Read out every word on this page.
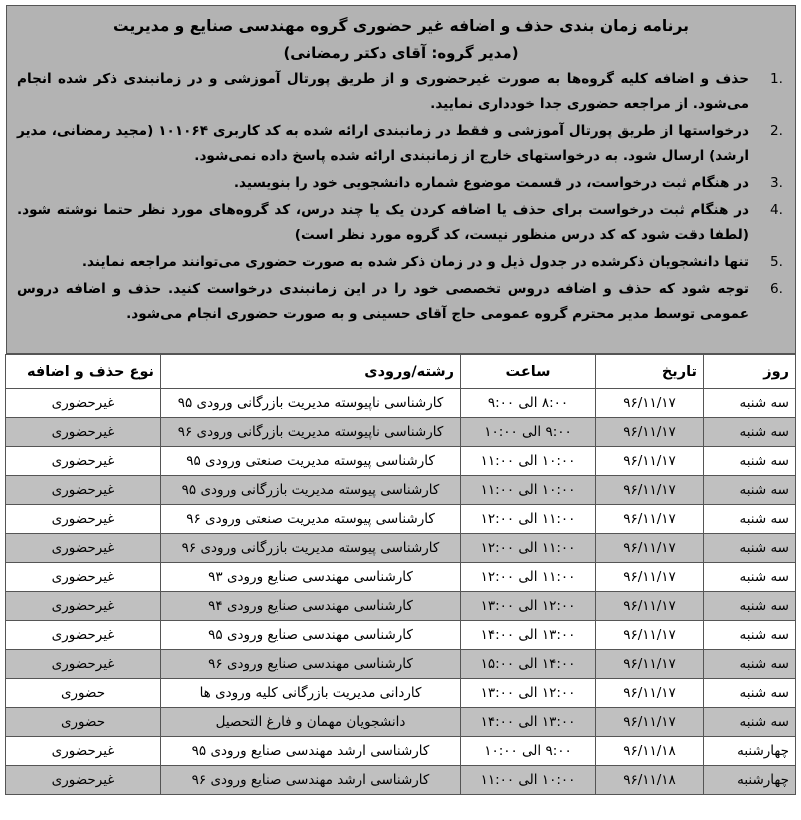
برنامه زمان بندی حذف و اضافه غیر حضوری گروه مهندسی صنایع و مدیریت
(مدیر گروه: آقای دکتر رمضانی)
.1
حذف و اضافه کلیه گروه‌ها به صورت غیرحضوری و از طریق پورتال آموزشی و در زمانبندی ذکر شده انجام می‌شود. از مراجعه حضوری جدا خودداری نمایید.
.2
درخواستها از طریق پورتال آموزشی و فقط در زمانبندی ارائه شده به کد کاربری ۱۰۱۰۶۴ (مجید رمضانی، مدیر ارشد) ارسال شود. به درخواستهای خارج از زمانبندی ارائه شده پاسخ داده نمی‌شود.
.3
در هنگام ثبت درخواست، در قسمت موضوع شماره دانشجویی خود را بنویسید.
.4
در هنگام ثبت درخواست برای حذف یا اضافه کردن یک یا چند درس، کد گروه‌های مورد نظر حتما نوشته شود. (لطفا دقت شود که کد درس منظور نیست، کد گروه مورد نظر است)
.5
تنها دانشجویان ذکرشده در جدول ذیل و در زمان ذکر شده به صورت حضوری می‌توانند مراجعه نمایند.
.6
توجه شود که حذف و اضافه دروس تخصصی خود را در این زمانبندی درخواست کنید. حذف و اضافه دروس عمومی توسط مدیر محترم گروه عمومی حاج آقای حسینی و به صورت حضوری انجام می‌شود.
روز	تاریخ	ساعت	رشته/ورودی	نوع حذف و اضافه
سه شنبه	۹۶/۱۱/۱۷	۸:۰۰ الی ۹:۰۰	کارشناسی ناپیوسته مدیریت بازرگانی ورودی ۹۵	غیرحضوری
سه شنبه	۹۶/۱۱/۱۷	۹:۰۰ الی ۱۰:۰۰	کارشناسی ناپیوسته مدیریت بازرگانی ورودی ۹۶	غیرحضوری
سه شنبه	۹۶/۱۱/۱۷	۱۰:۰۰ الی ۱۱:۰۰	کارشناسی پیوسته مدیریت صنعتی ورودی ۹۵	غیرحضوری
سه شنبه	۹۶/۱۱/۱۷	۱۰:۰۰ الی ۱۱:۰۰	کارشناسی پیوسته مدیریت بازرگانی ورودی ۹۵	غیرحضوری
سه شنبه	۹۶/۱۱/۱۷	۱۱:۰۰ الی ۱۲:۰۰	کارشناسی پیوسته مدیریت صنعتی ورودی ۹۶	غیرحضوری
سه شنبه	۹۶/۱۱/۱۷	۱۱:۰۰ الی ۱۲:۰۰	کارشناسی پیوسته مدیریت بازرگانی ورودی ۹۶	غیرحضوری
سه شنبه	۹۶/۱۱/۱۷	۱۱:۰۰ الی ۱۲:۰۰	کارشناسی مهندسی صنایع ورودی ۹۳	غیرحضوری
سه شنبه	۹۶/۱۱/۱۷	۱۲:۰۰ الی ۱۳:۰۰	کارشناسی مهندسی صنایع ورودی ۹۴	غیرحضوری
سه شنبه	۹۶/۱۱/۱۷	۱۳:۰۰ الی ۱۴:۰۰	کارشناسی مهندسی صنایع ورودی ۹۵	غیرحضوری
سه شنبه	۹۶/۱۱/۱۷	۱۴:۰۰ الی ۱۵:۰۰	کارشناسی مهندسی صنایع ورودی ۹۶	غیرحضوری
سه شنبه	۹۶/۱۱/۱۷	۱۲:۰۰ الی ۱۳:۰۰	کاردانی مدیریت بازرگانی کلیه ورودی ها	حضوری
سه شنبه	۹۶/۱۱/۱۷	۱۳:۰۰ الی ۱۴:۰۰	دانشجویان مهمان و فارغ التحصیل	حضوری
چهارشنبه	۹۶/۱۱/۱۸	۹:۰۰ الی ۱۰:۰۰	کارشناسی ارشد مهندسی صنایع ورودی ۹۵	غیرحضوری
چهارشنبه	۹۶/۱۱/۱۸	۱۰:۰۰ الی ۱۱:۰۰	کارشناسی ارشد مهندسی صنایع ورودی ۹۶	غیرحضوری
